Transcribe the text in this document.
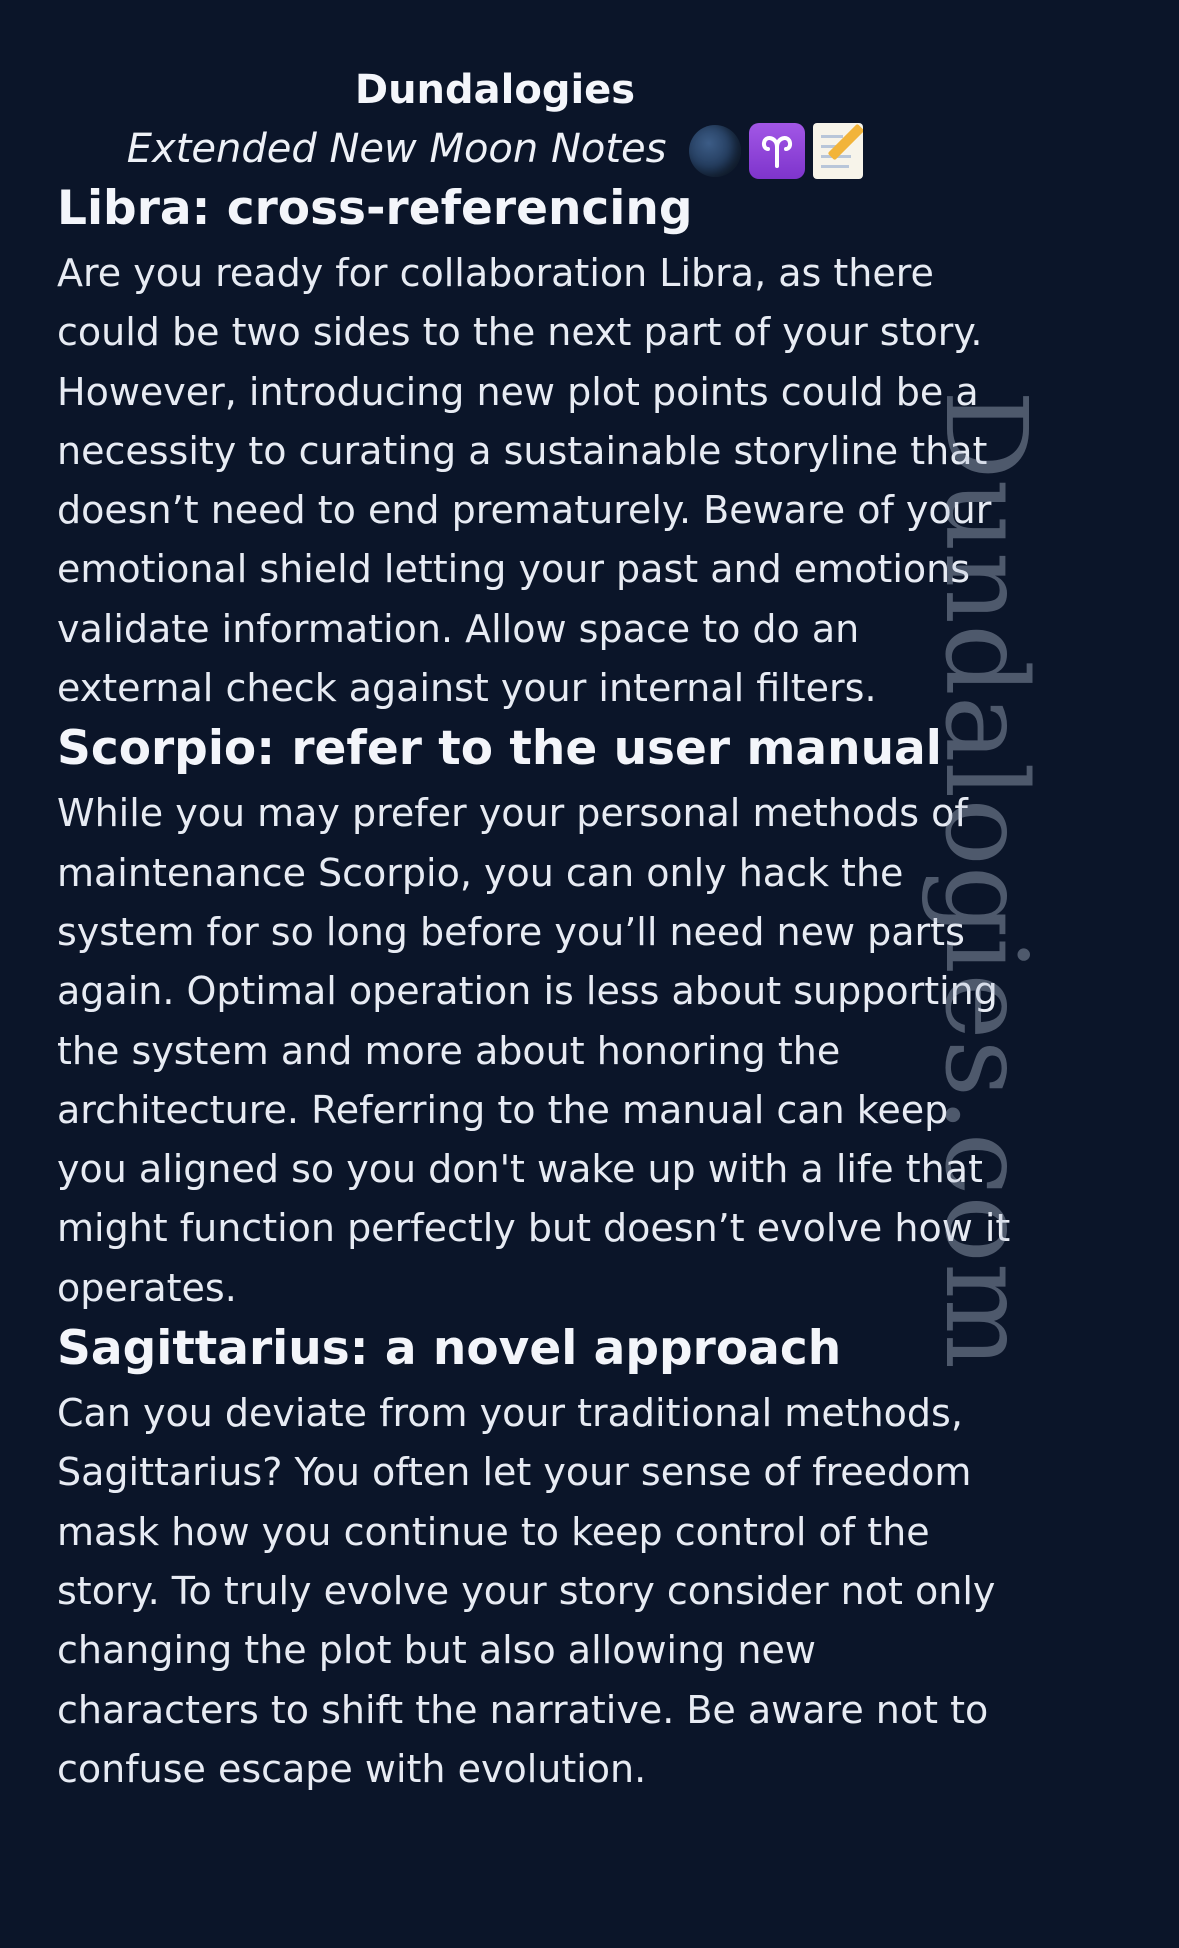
Dundalogies
Extended New Moon Notes
Libra: cross-referencing

Are you ready for collaboration Libra, as there
could be two sides to the next part of your story.
However, introducing new plot points could be a
necessity to curating a sustainable storyline that
doesn’t need to end prematurely. Beware of your
emotional shield letting your past and emotions
validate information. Allow space to do an
external check against your internal filters.

Scorpio: refer to the user manual

While you may prefer your personal methods of
maintenance Scorpio, you can only hack the
system for so long before you’ll need new parts
again. Optimal operation is less about supporting
the system and more about honoring the
architecture. Referring to the manual can keep
you aligned so you don't wake up with a life that
might function perfectly but doesn’t evolve how it
operates.

Sagittarius: a novel approach

Can you deviate from your traditional methods,
Sagittarius? You often let your sense of freedom
mask how you continue to keep control of the
story. To truly evolve your story consider not only
changing the plot but also allowing new
characters to shift the narrative. Be aware not to
confuse escape with evolution.

Dundalogies.com
